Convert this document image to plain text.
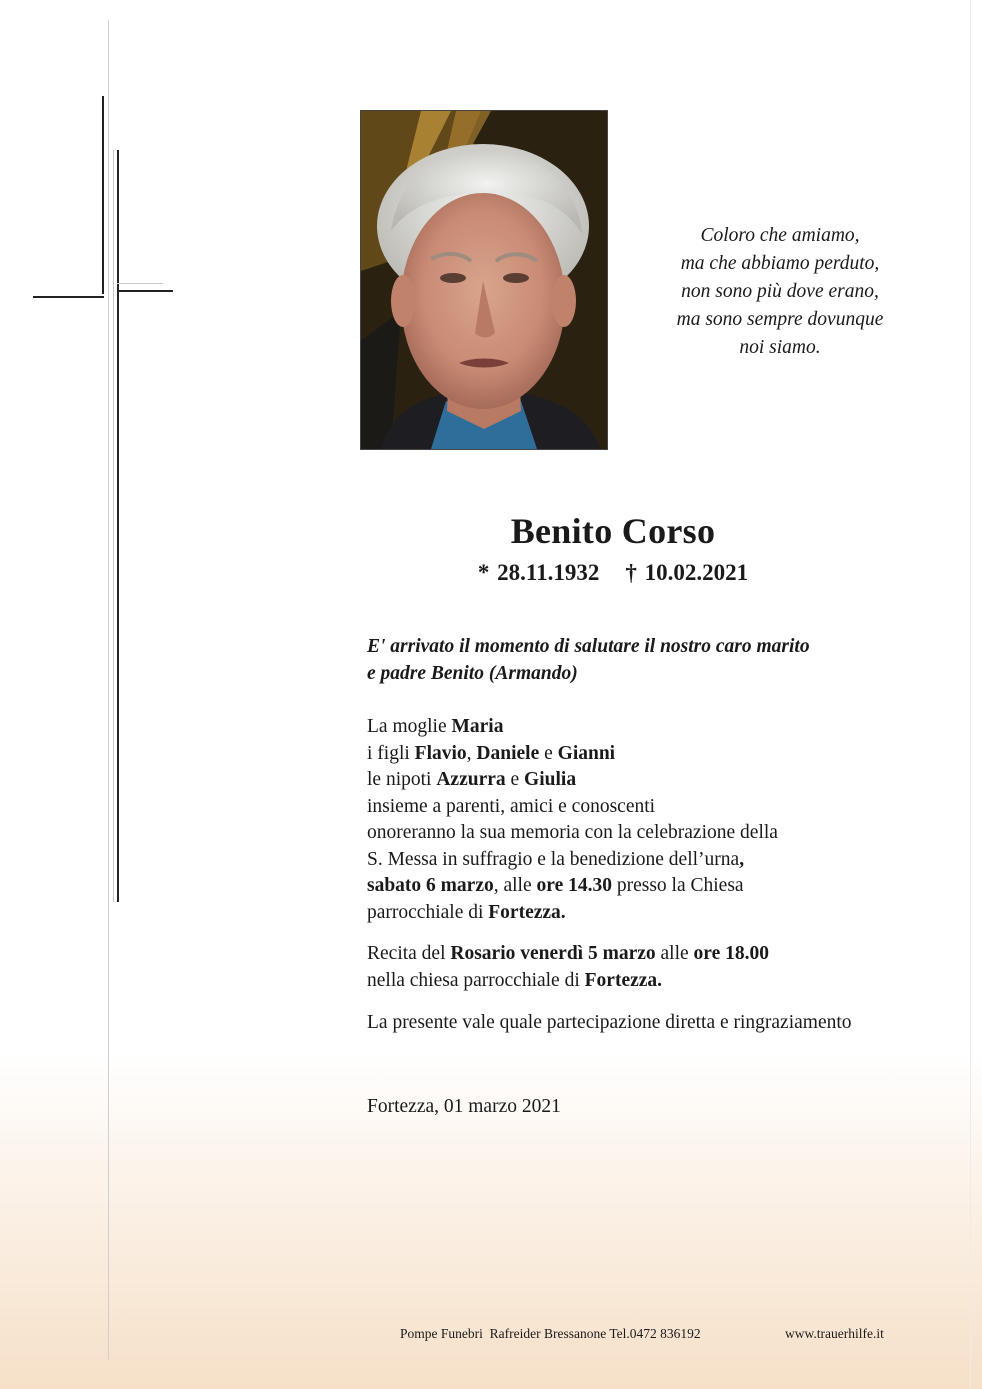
Coloro che amiamo,
ma che abbiamo perduto,
non sono più dove erano,
ma sono sempre dovunque
noi siamo.
Benito Corso
* 28.11.1932 † 10.02.2021
E' arrivato il momento di salutare il nostro caro marito
e padre Benito (Armando)
La moglie Maria
i figli Flavio, Daniele e Gianni
le nipoti Azzurra e Giulia
insieme a parenti, amici e conoscenti
onoreranno la sua memoria con la celebrazione della
S. Messa in suffragio e la benedizione dell’urna,
sabato 6 marzo, alle ore 14.30 presso la Chiesa
parrocchiale di Fortezza.
Recita del Rosario venerdì 5 marzo alle ore 18.00
nella chiesa parrocchiale di Fortezza.
La presente vale quale partecipazione diretta e ringraziamento
Fortezza, 01 marzo 2021
Pompe Funebri  Rafreider Bressanone Tel.0472 836192	www.trauerhilfe.it
